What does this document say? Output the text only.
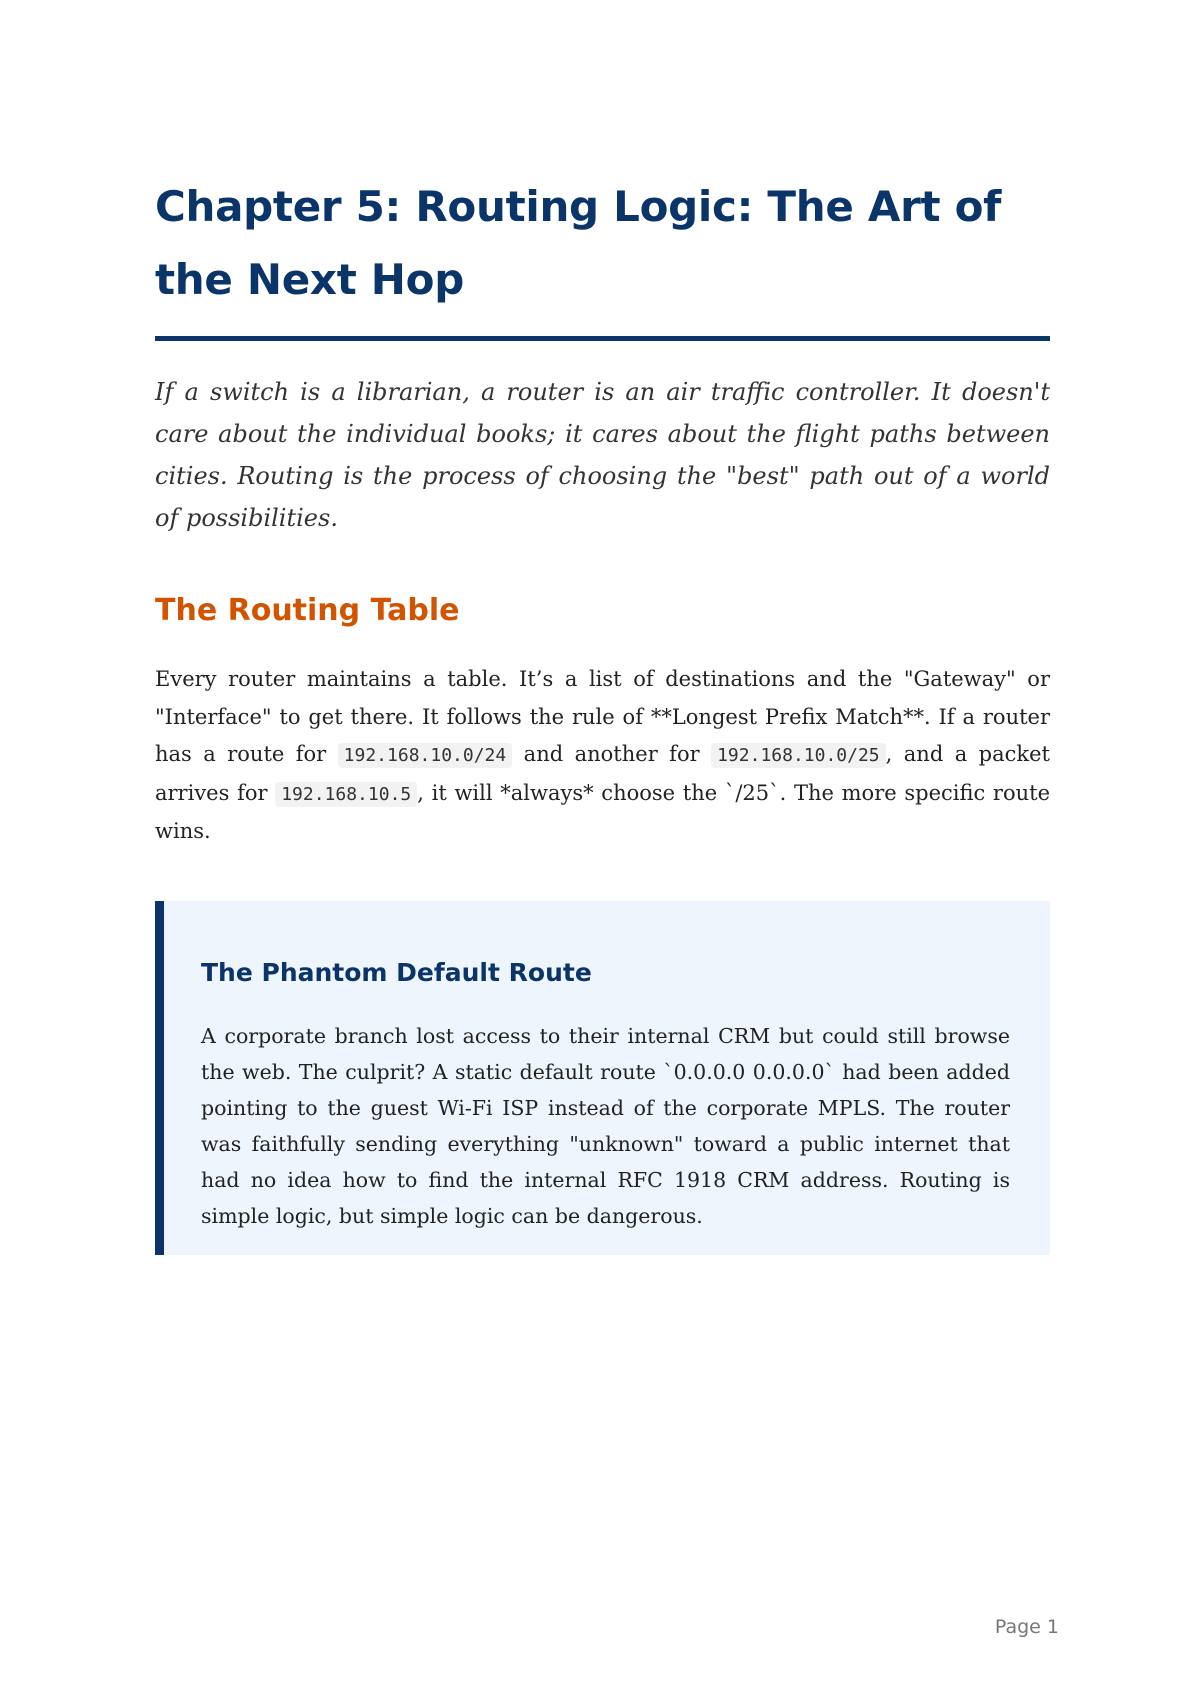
Chapter 5: Routing Logic: The Art of the Next Hop

If a switch is a librarian, a router is an air traffic controller. It doesn't care about the individual books; it cares about the flight paths between cities. Routing is the process of choosing the "best" path out of a world of possibilities.

The Routing Table

Every router maintains a table. It’s a list of destinations and the "Gateway" or "Interface" to get there. It follows the rule of **Longest Prefix Match**. If a router has a route for 192.168.10.0/24 and another for 192.168.10.0/25 , and a packet arrives for 192.168.10.5 , it will *always* choose the `/25`. The more specific route wins.

The Phantom Default Route

A corporate branch lost access to their internal CRM but could still browse the web. The culprit? A static default route `0.0.0.0 0.0.0.0` had been added pointing to the guest Wi-Fi ISP instead of the corporate MPLS. The router was faithfully sending everything "unknown" toward a public internet that had no idea how to find the internal RFC 1918 CRM address. Routing is simple logic, but simple logic can be dangerous.

Page 1
